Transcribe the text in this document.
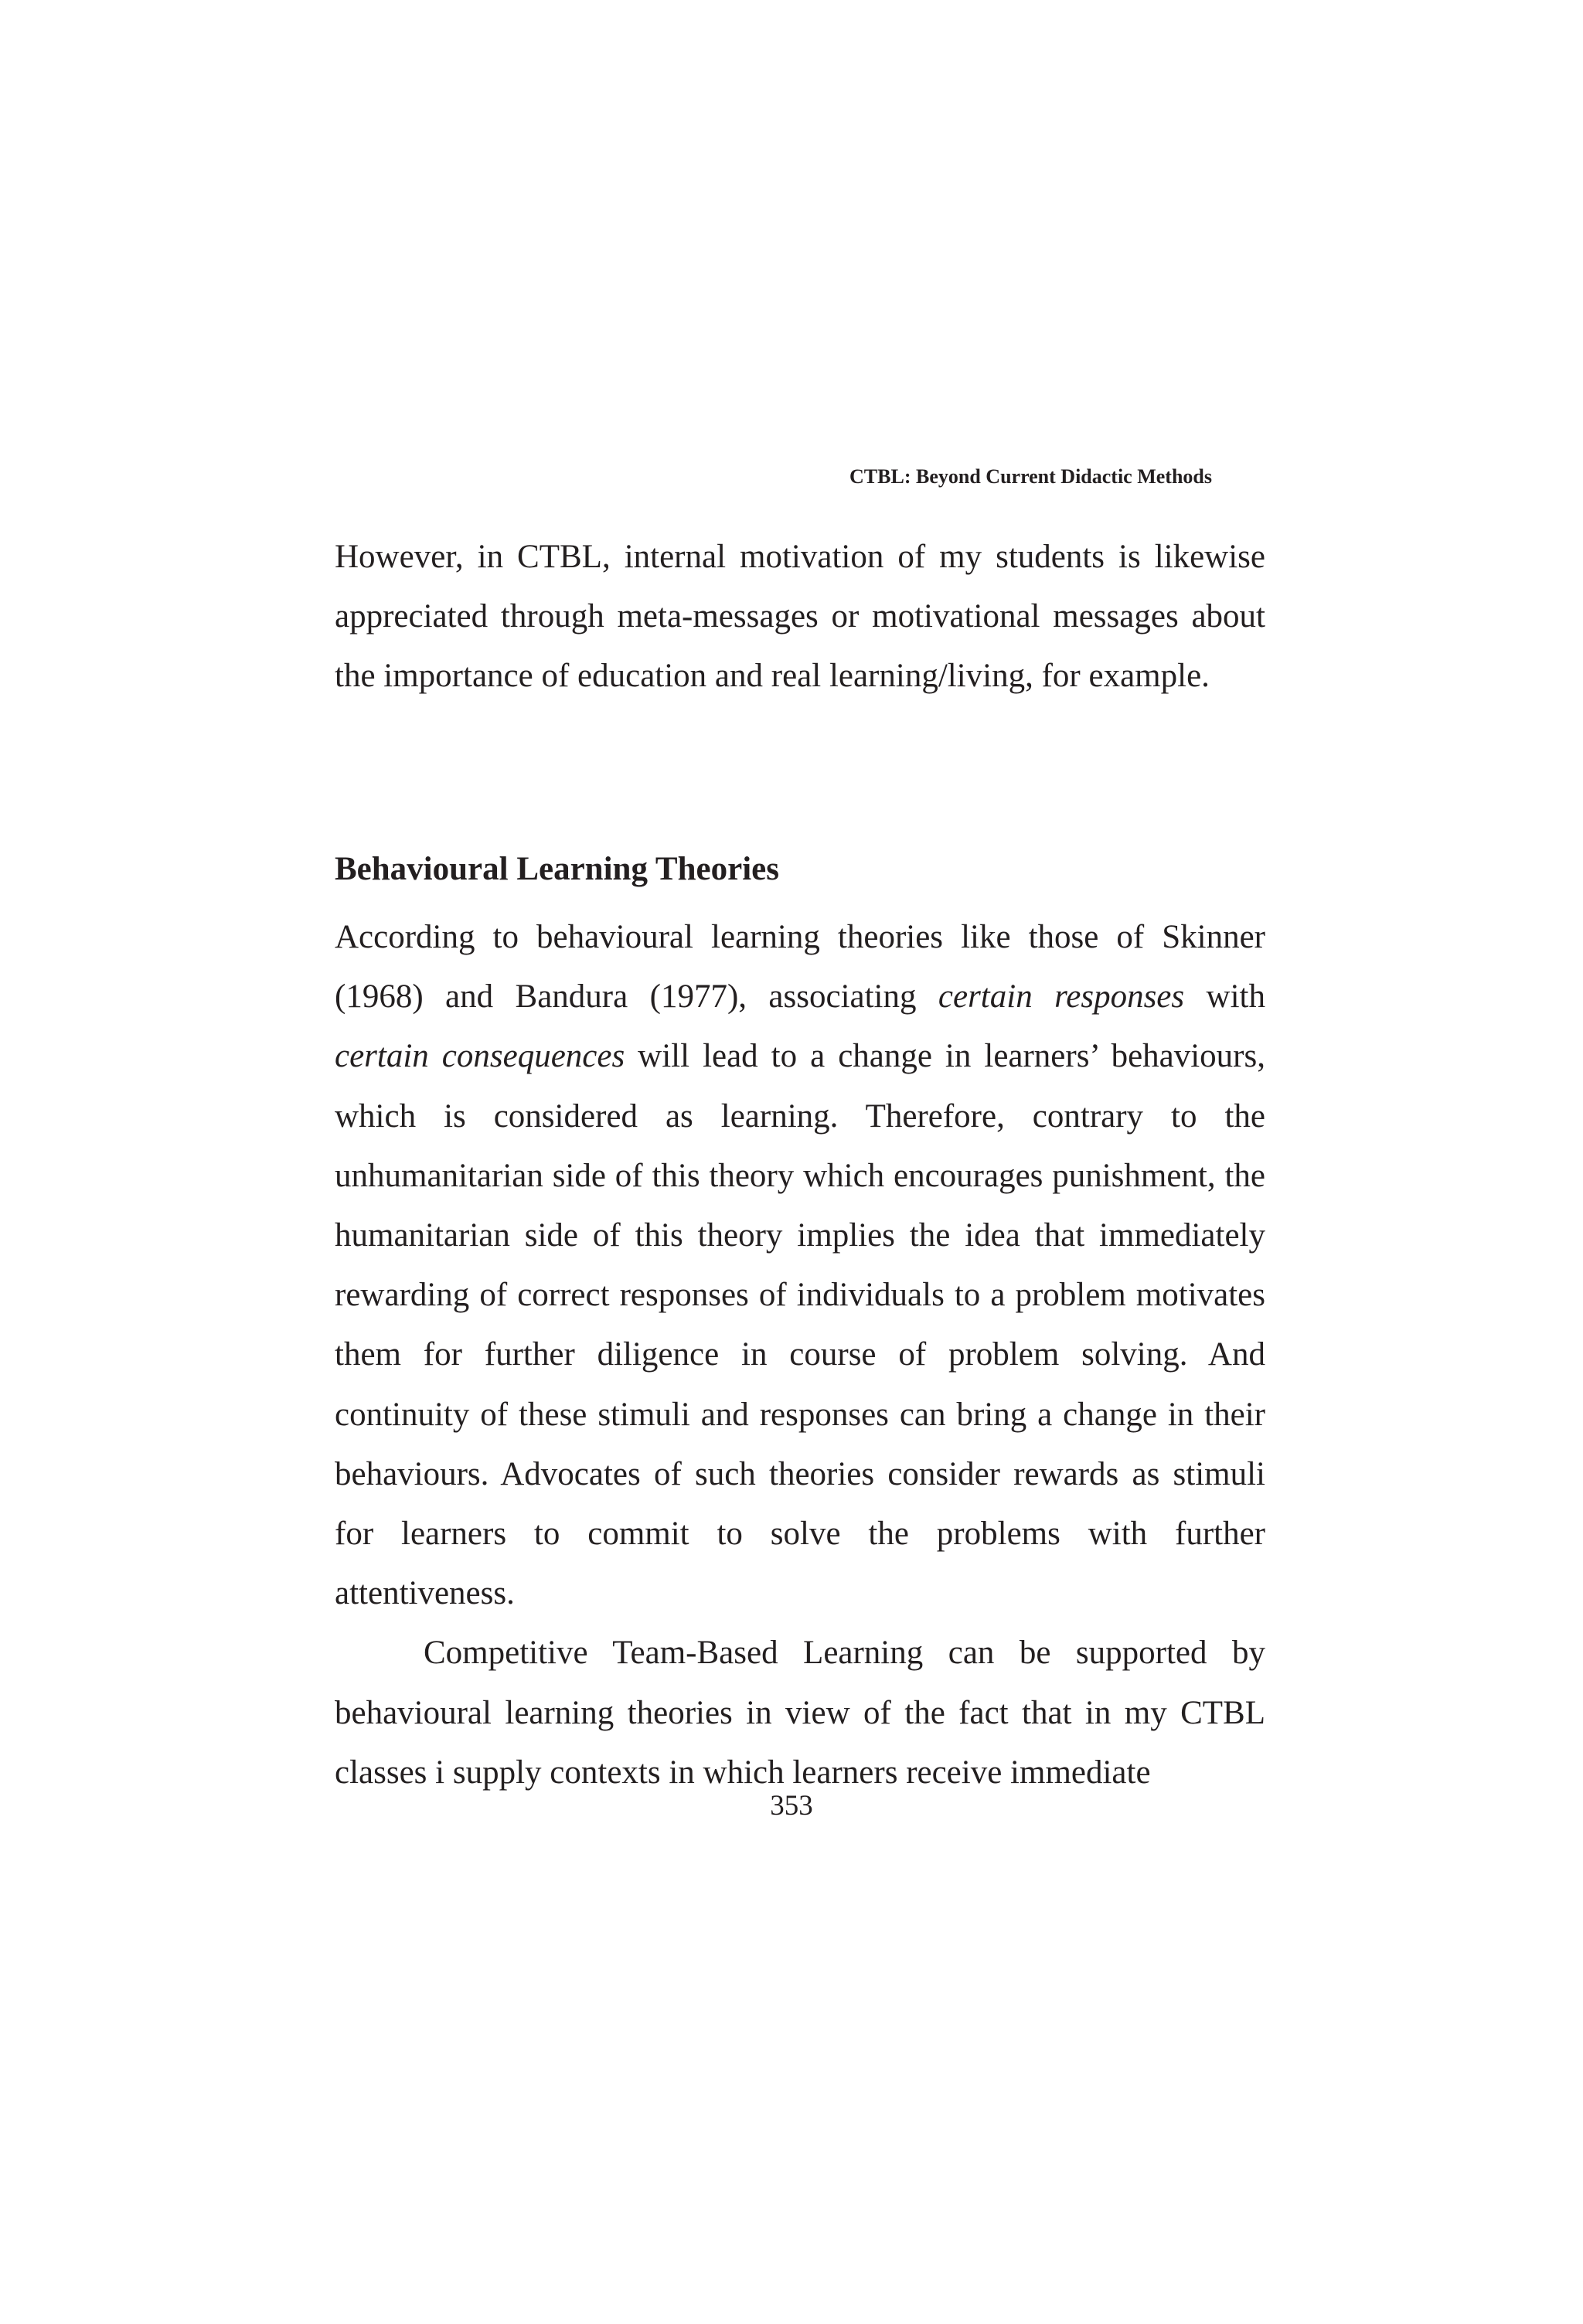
CTBL: Beyond Current Didactic Methods

However, in CTBL, internal motivation of my students is likewise appreciated through meta-messages or motivational messages about the importance of education and real learning/living, for example.

Behavioural Learning Theories

According to behavioural learning theories like those of Skinner (1968) and Bandura (1977), associating certain responses with certain consequences will lead to a change in learners’ behaviours, which is considered as learning. Therefore, contrary to the unhumanitarian side of this theory which encourages punishment, the humanitarian side of this theory implies the idea that immediately rewarding of correct responses of individuals to a problem motivates them for further diligence in course of problem solving. And continuity of these stimuli and responses can bring a change in their behaviours. Advocates of such theories consider rewards as stimuli for learners to commit to solve the problems with further attentiveness.

Competitive Team-Based Learning can be supported by behavioural learning theories in view of the fact that in my CTBL classes i supply contexts in which learners receive immediate

353
